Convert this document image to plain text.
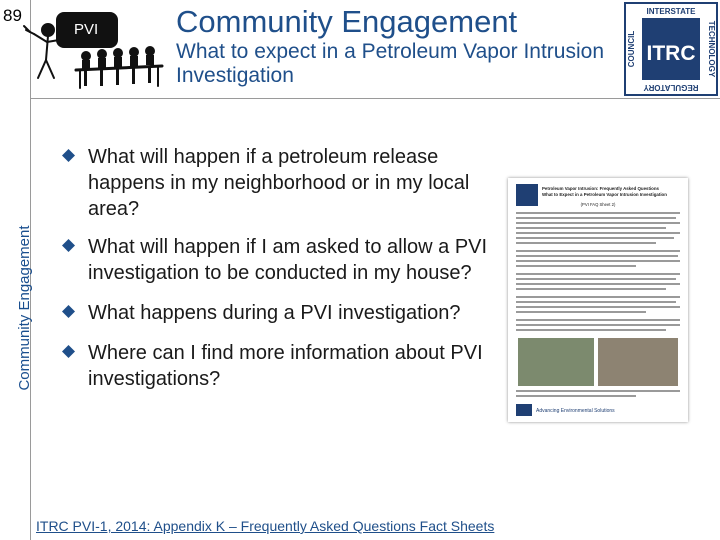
89
Community Engagement
PVI	Community Engagement
What to expect in a Petroleum Vapor Intrusion Investigation
ITRC
INTERSTATE
REGULATORY
COUNCIL	TECHNOLOGY
What will happen if a petroleum release happens in my neighborhood or in my local area?
What will happen if I am asked to allow a PVI investigation to be conducted in my house?
What happens during a PVI investigation?
Where can I find more information about PVI investigations?
Petroleum Vapor Intrusion: Frequently Asked Questions What to Expect in a Petroleum Vapor Intrusion Investigation
(PVI FAQ Sheet 2)
Advancing Environmental Solutions
ITRC PVI-1, 2014: Appendix K – Frequently Asked Questions Fact Sheets
